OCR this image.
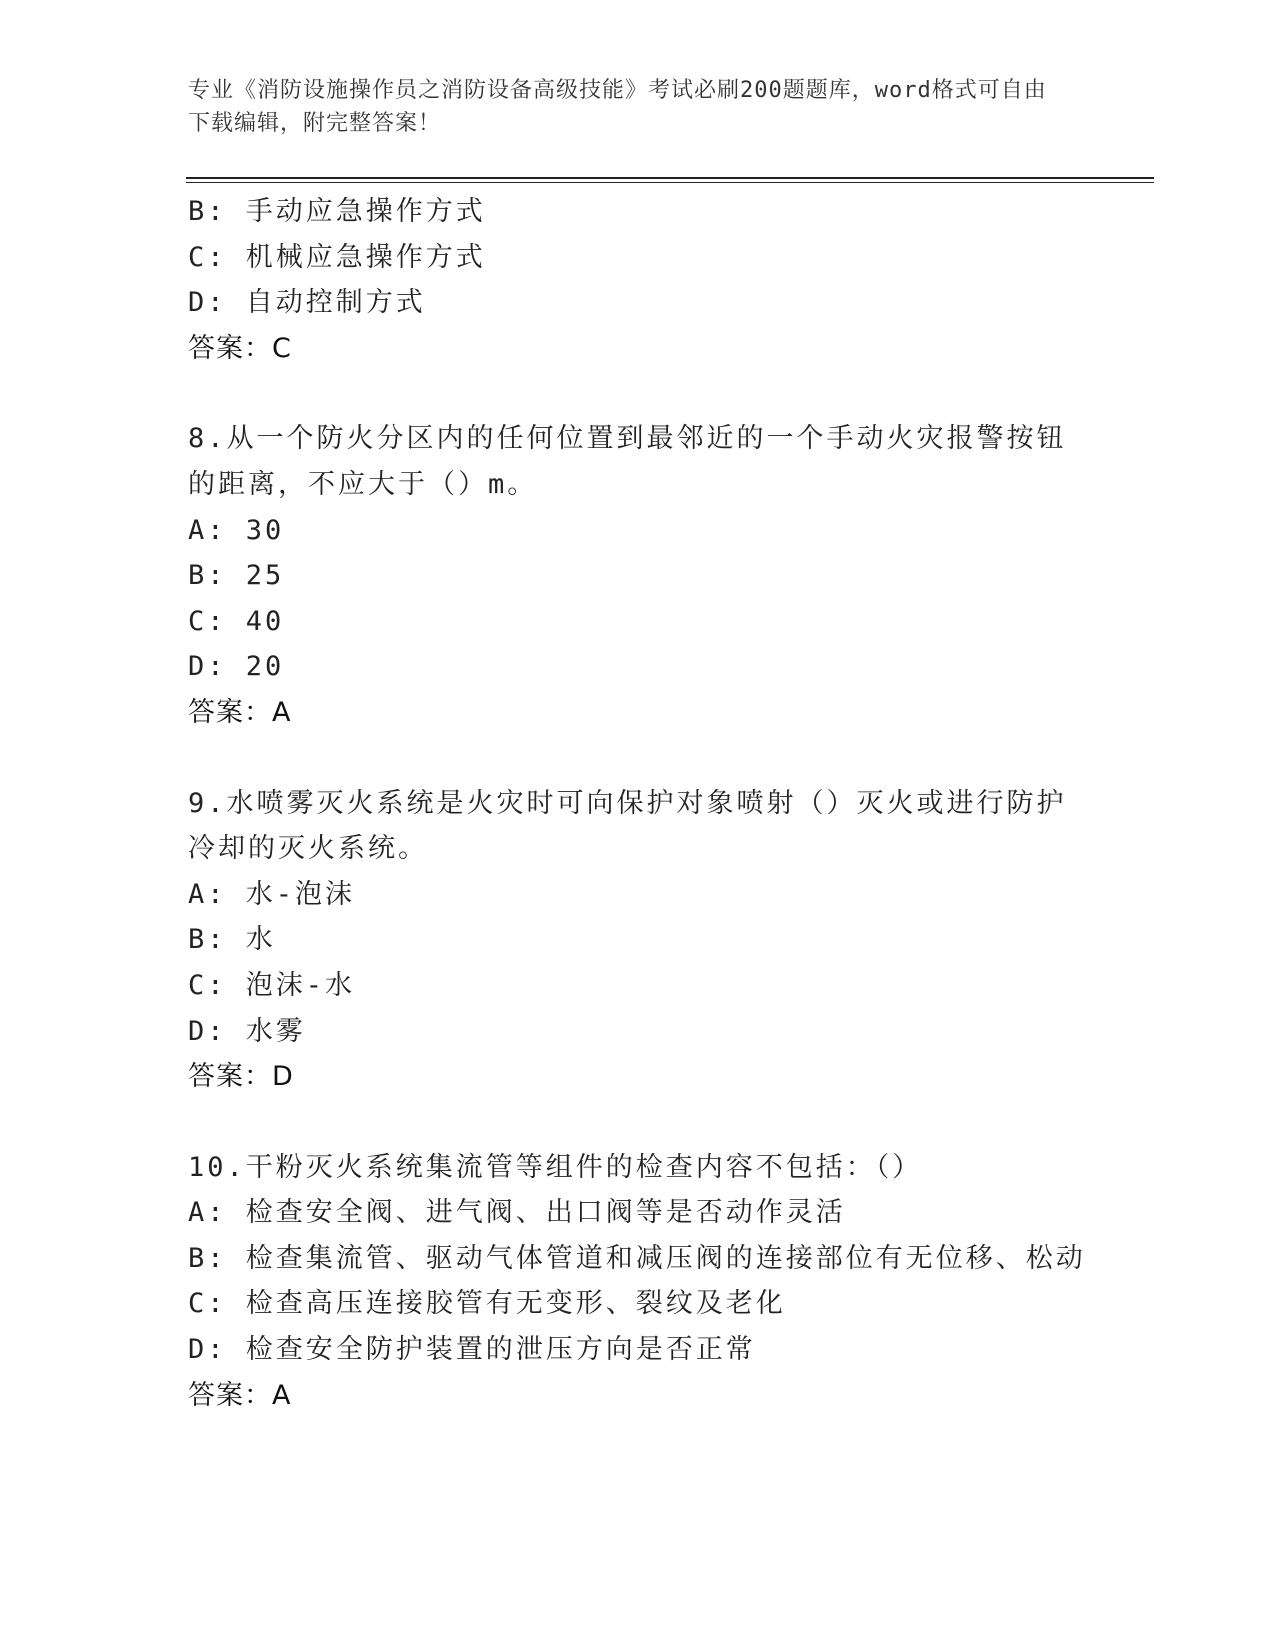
专业《消防设施操作员之消防设备高级技能》考试必刷200题题库，word格式可自由下载编辑，附完整答案！
B: 手动应急操作方式
C: 机械应急操作方式
D: 自动控制方式
答案：C
8.从一个防火分区内的任何位置到最邻近的一个手动火灾报警按钮的距离，不应大于（）m。
A: 30
B: 25
C: 40
D: 20
答案：A
9.水喷雾灭火系统是火灾时可向保护对象喷射（）灭火或进行防护冷却的灭火系统。
A: 水-泡沫
B: 水
C: 泡沫-水
D: 水雾
答案：D
10.干粉灭火系统集流管等组件的检查内容不包括：（）
A: 检查安全阀、进气阀、出口阀等是否动作灵活
B: 检查集流管、驱动气体管道和减压阀的连接部位有无位移、松动
C: 检查高压连接胶管有无变形、裂纹及老化
D: 检查安全防护装置的泄压方向是否正常
答案：A
